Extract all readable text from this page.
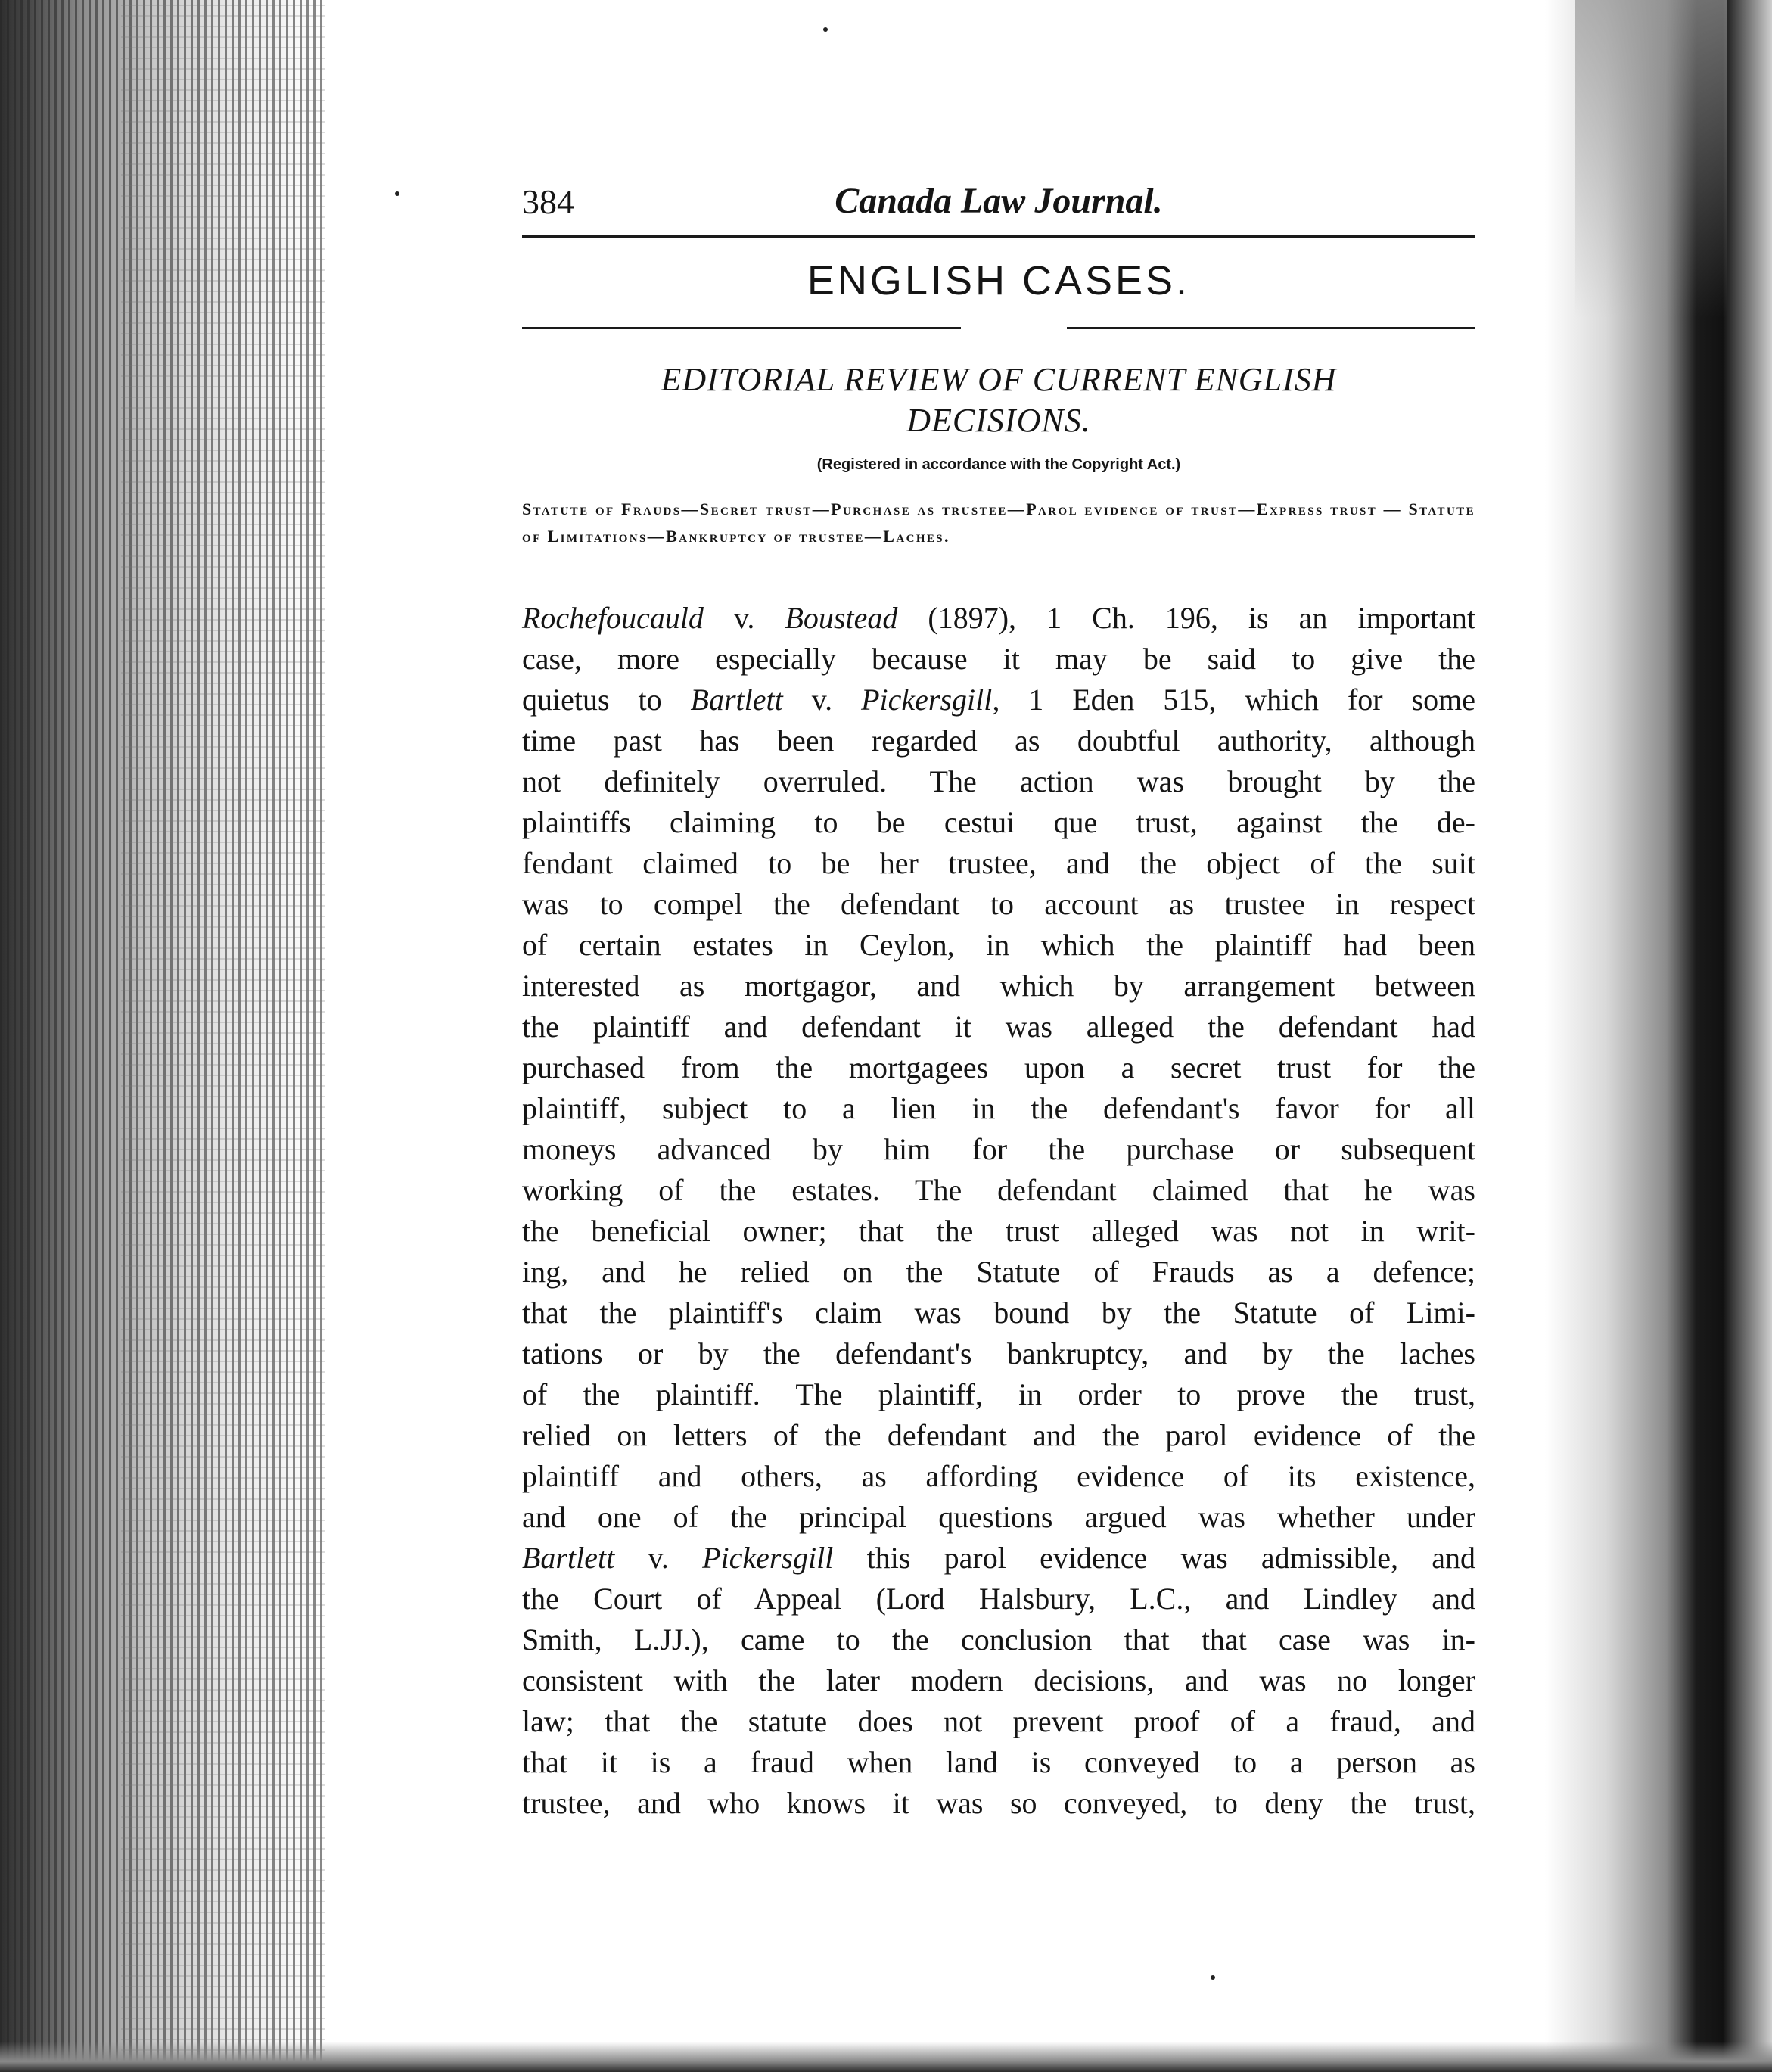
384	Canada Law Journal.
ENGLISH CASES.
EDITORIAL REVIEW OF CURRENT ENGLISH
DECISIONS.
(Registered in accordance with the Copyright Act.)
Statute of Frauds—Secret trust—Purchase as trustee—Parol evidence of trust—Express trust — Statute of Limitations—Bankruptcy of trustee—Laches.
Rochefoucauld v. Boustead (1897), 1 Ch. 196, is an important
case, more especially because it may be said to give the
quietus to Bartlett v. Pickersgill, 1 Eden 515, which for some
time past has been regarded as doubtful authority, although
not definitely overruled. The action was brought by the
plaintiffs claiming to be cestui que trust, against the de-
fendant claimed to be her trustee, and the object of the suit
was to compel the defendant to account as trustee in respect
of certain estates in Ceylon, in which the plaintiff had been
interested as mortgagor, and which by arrangement between
the plaintiff and defendant it was alleged the defendant had
purchased from the mortgagees upon a secret trust for the
plaintiff, subject to a lien in the defendant's favor for all
moneys advanced by him for the purchase or subsequent
working of the estates. The defendant claimed that he was
the beneficial owner; that the trust alleged was not in writ-
ing, and he relied on the Statute of Frauds as a defence;
that the plaintiff's claim was bound by the Statute of Limi-
tations or by the defendant's bankruptcy, and by the laches
of the plaintiff. The plaintiff, in order to prove the trust,
relied on letters of the defendant and the parol evidence of the
plaintiff and others, as affording evidence of its existence,
and one of the principal questions argued was whether under
Bartlett v. Pickersgill this parol evidence was admissible, and
the Court of Appeal (Lord Halsbury, L.C., and Lindley and
Smith, L.JJ.), came to the conclusion that that case was in-
consistent with the later modern decisions, and was no longer
law; that the statute does not prevent proof of a fraud, and
that it is a fraud when land is conveyed to a person as
trustee, and who knows it was so conveyed, to deny the trust,
